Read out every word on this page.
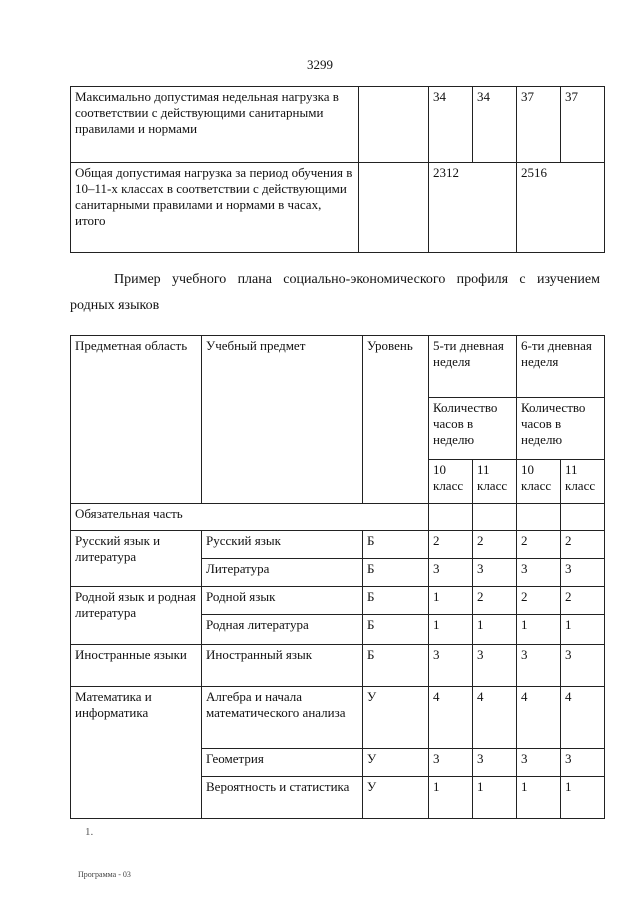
3299
Максимально допустимая недельная нагрузка в соответствии с действующими санитарными правилами и нормами		34	34	37	37
Общая допустимая нагрузка за период обучения в 10–11-х классах в соответствии с действующими санитарными правилами и нормами в часах, итого		2312		2516	
Пример учебного плана социально-экономического профиля с изучением
родных языков
Предметная область	Учебный предмет	Уровень	5-ти дневная неделя		6-ти дневная неделя	
			Количество часов в неделю		Количество часов в неделю	
			10 класс	11 класс	10 класс	11 класс
Обязательная часть						
Русский язык и литература	Русский язык	Б	2	2	2	2
	Литература	Б	3	3	3	3
Родной язык и родная литература	Родной язык	Б	1	2	2	2
	Родная литература	Б	1	1	1	1
Иностранные языки	Иностранный язык	Б	3	3	3	3
Математика и информатика	Алгебра и начала математического анализа	У	4	4	4	4
	Геометрия	У	3	3	3	3
	Вероятность и статистика	У	1	1	1	1
1.
Программа - 03
